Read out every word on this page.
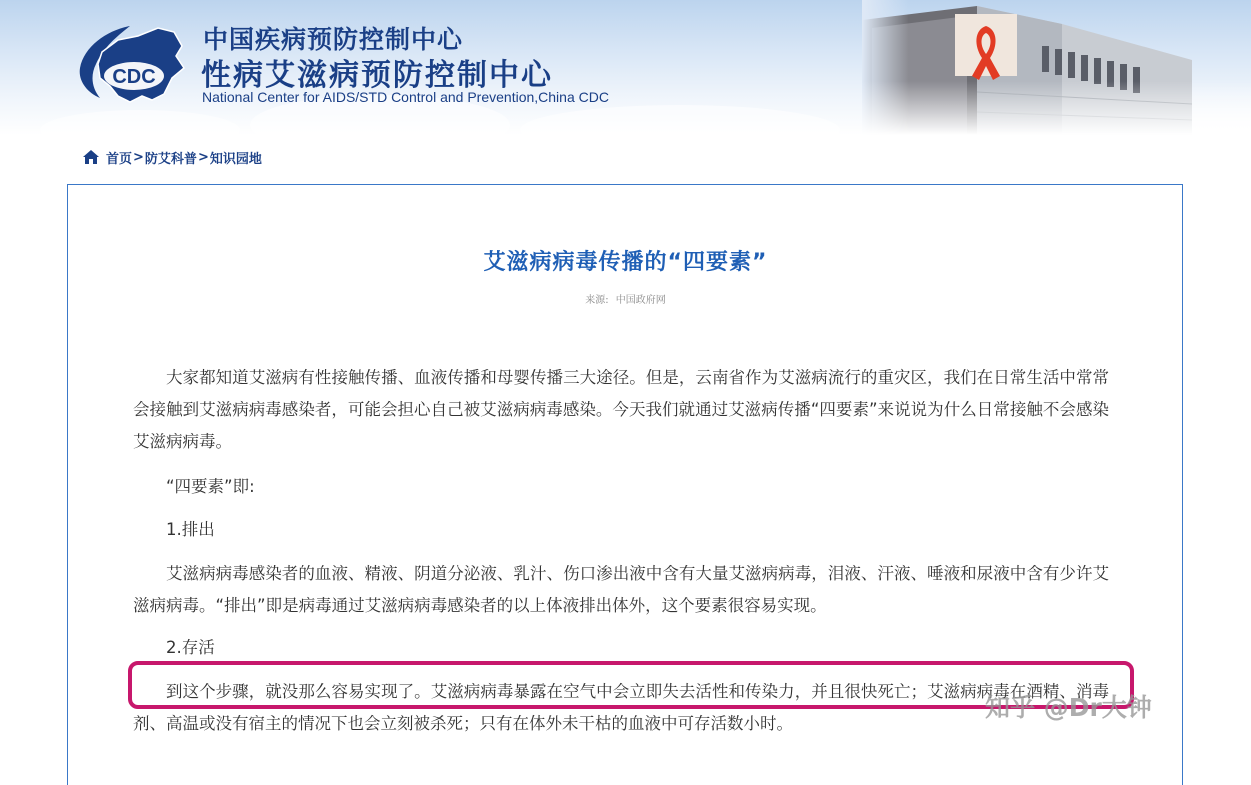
CDC
中国疾病预防控制中心
性病艾滋病预防控制中心
National Center for AIDS/STD Control and Prevention,China CDC
首页 > 防艾科普 > 知识园地
艾滋病病毒传播的“四要素”
来源: 中国政府网

大家都知道艾滋病有性接触传播、血液传播和母婴传播三大途径。但是，云南省作为艾滋病流行的重灾区，我们在日常生活中常常会接触到艾滋病病毒感染者，可能会担心自己被艾滋病病毒感染。今天我们就通过艾滋病传播“四要素”来说说为什么日常接触不会感染艾滋病病毒。

“四要素”即:

1.排出

艾滋病病毒感染者的血液、精液、阴道分泌液、乳汁、伤口渗出液中含有大量艾滋病病毒，泪液、汗液、唾液和尿液中含有少许艾滋病病毒。“排出”即是病毒通过艾滋病病毒感染者的以上体液排出体外，这个要素很容易实现。

2.存活

到这个步骤，就没那么容易实现了。艾滋病病毒暴露在空气中会立即失去活性和传染力，并且很快死亡；艾滋病病毒在酒精、消毒剂、高温或没有宿主的情况下也会立刻被杀死；只有在体外未干枯的血液中可存活数小时。

知乎 @Dr大钟
